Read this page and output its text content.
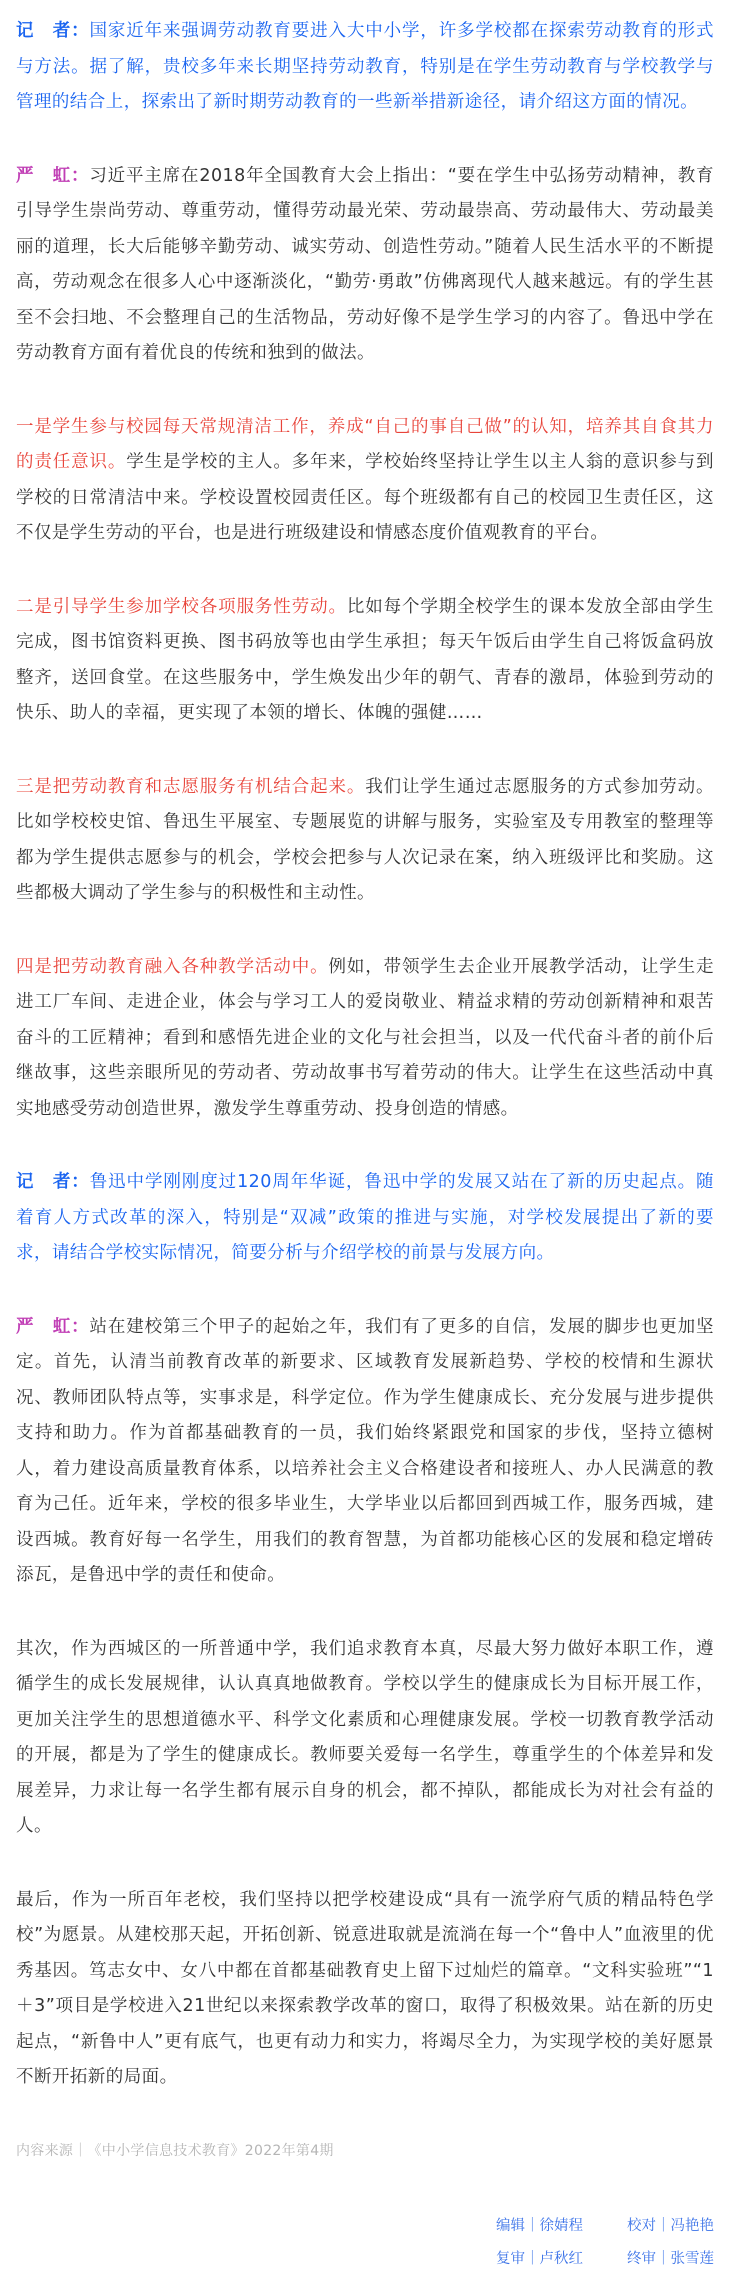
记　者：国家近年来强调劳动教育要进入大中小学，许多学校都在探索劳动教育的形式与方法。据了解，贵校多年来长期坚持劳动教育，特别是在学生劳动教育与学校教学与管理的结合上，探索出了新时期劳动教育的一些新举措新途径，请介绍这方面的情况。

严　虹：习近平主席在2018年全国教育大会上指出：“要在学生中弘扬劳动精神，教育引导学生崇尚劳动、尊重劳动，懂得劳动最光荣、劳动最崇高、劳动最伟大、劳动最美丽的道理，长大后能够辛勤劳动、诚实劳动、创造性劳动。”随着人民生活水平的不断提高，劳动观念在很多人心中逐渐淡化，“勤劳·勇敢”仿佛离现代人越来越远。有的学生甚至不会扫地、不会整理自己的生活物品，劳动好像不是学生学习的内容了。鲁迅中学在劳动教育方面有着优良的传统和独到的做法。

一是学生参与校园每天常规清洁工作，养成“自己的事自己做”的认知，培养其自食其力的责任意识。学生是学校的主人。多年来，学校始终坚持让学生以主人翁的意识参与到学校的日常清洁中来。学校设置校园责任区。每个班级都有自己的校园卫生责任区，这不仅是学生劳动的平台，也是进行班级建设和情感态度价值观教育的平台。

二是引导学生参加学校各项服务性劳动。比如每个学期全校学生的课本发放全部由学生完成，图书馆资料更换、图书码放等也由学生承担；每天午饭后由学生自己将饭盒码放整齐，送回食堂。在这些服务中，学生焕发出少年的朝气、青春的激昂，体验到劳动的快乐、助人的幸福，更实现了本领的增长、体魄的强健……

三是把劳动教育和志愿服务有机结合起来。我们让学生通过志愿服务的方式参加劳动。比如学校校史馆、鲁迅生平展室、专题展览的讲解与服务，实验室及专用教室的整理等都为学生提供志愿参与的机会，学校会把参与人次记录在案，纳入班级评比和奖励。这些都极大调动了学生参与的积极性和主动性。

四是把劳动教育融入各种教学活动中。例如，带领学生去企业开展教学活动，让学生走进工厂车间、走进企业，体会与学习工人的爱岗敬业、精益求精的劳动创新精神和艰苦奋斗的工匠精神；看到和感悟先进企业的文化与社会担当，以及一代代奋斗者的前仆后继故事，这些亲眼所见的劳动者、劳动故事书写着劳动的伟大。让学生在这些活动中真实地感受劳动创造世界，激发学生尊重劳动、投身创造的情感。

记　者：鲁迅中学刚刚度过120周年华诞，鲁迅中学的发展又站在了新的历史起点。随着育人方式改革的深入，特别是“双减”政策的推进与实施，对学校发展提出了新的要求，请结合学校实际情况，简要分析与介绍学校的前景与发展方向。

严　虹：站在建校第三个甲子的起始之年，我们有了更多的自信，发展的脚步也更加坚定。首先，认清当前教育改革的新要求、区域教育发展新趋势、学校的校情和生源状况、教师团队特点等，实事求是，科学定位。作为学生健康成长、充分发展与进步提供支持和助力。作为首都基础教育的一员，我们始终紧跟党和国家的步伐，坚持立德树人，着力建设高质量教育体系，以培养社会主义合格建设者和接班人、办人民满意的教育为己任。近年来，学校的很多毕业生，大学毕业以后都回到西城工作，服务西城，建设西城。教育好每一名学生，用我们的教育智慧，为首都功能核心区的发展和稳定增砖添瓦，是鲁迅中学的责任和使命。

其次，作为西城区的一所普通中学，我们追求教育本真，尽最大努力做好本职工作，遵循学生的成长发展规律，认认真真地做教育。学校以学生的健康成长为目标开展工作，更加关注学生的思想道德水平、科学文化素质和心理健康发展。学校一切教育教学活动的开展，都是为了学生的健康成长。教师要关爱每一名学生，尊重学生的个体差异和发展差异，力求让每一名学生都有展示自身的机会，都不掉队，都能成长为对社会有益的人。

最后，作为一所百年老校，我们坚持以把学校建设成“具有一流学府气质的精品特色学校”为愿景。从建校那天起，开拓创新、锐意进取就是流淌在每一个“鲁中人”血液里的优秀基因。笃志女中、女八中都在首都基础教育史上留下过灿烂的篇章。“文科实验班”“1＋3”项目是学校进入21世纪以来探索教学改革的窗口，取得了积极效果。站在新的历史起点，“新鲁中人”更有底气，也更有动力和实力，将竭尽全力，为实现学校的美好愿景不断开拓新的局面。

内容来源｜《中小学信息技术教育》2022年第4期
编辑｜徐婧程	校对｜冯艳艳
复审｜卢秋红	终审｜张雪莲
